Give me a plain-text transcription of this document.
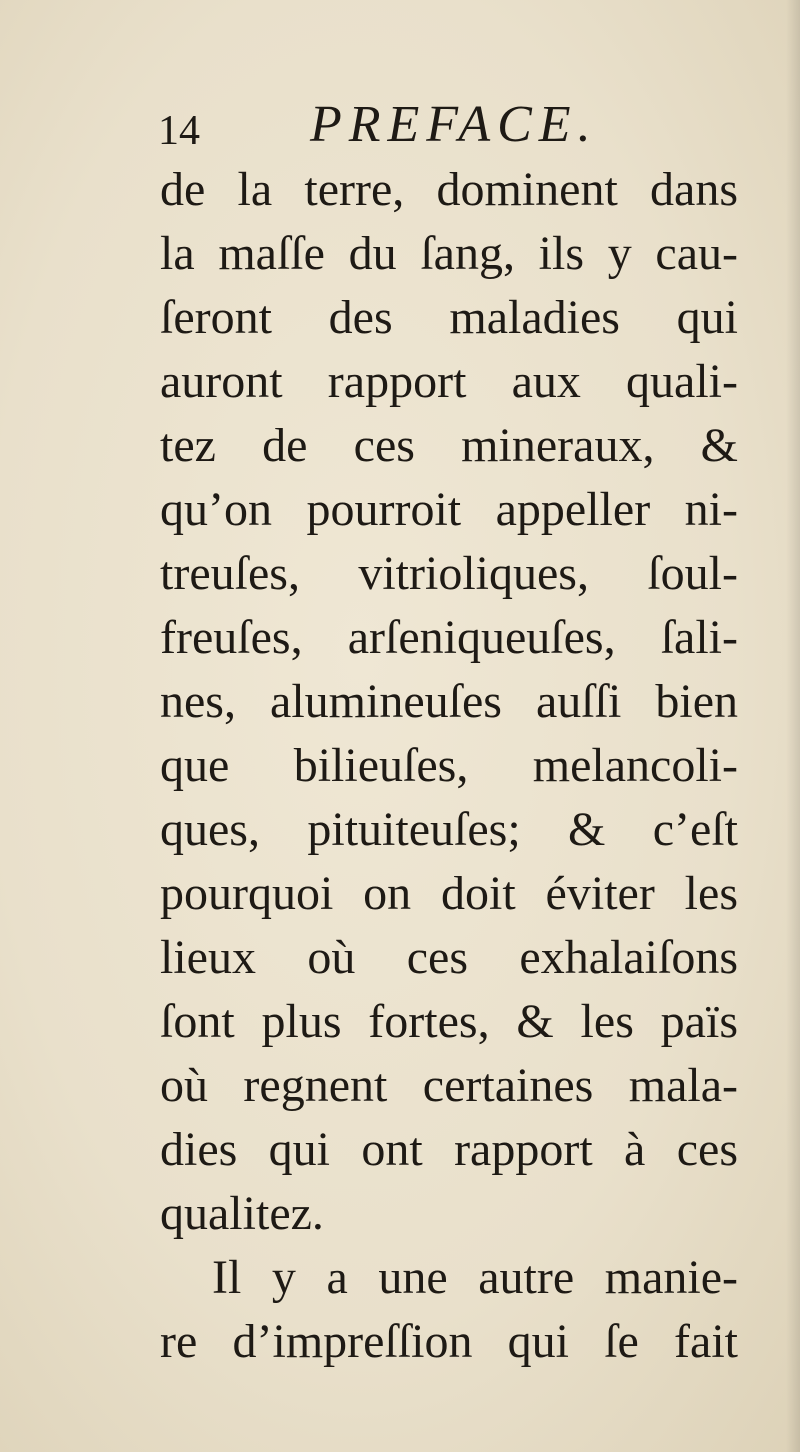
14 PREFACE.
de la terre, dominent dans
la maſſe du ſang, ils y cau-
ſeront des maladies qui
auront rapport aux quali-
tez de ces mineraux, &
qu’on pourroit appeller ni-
treuſes, vitrioliques, ſoul-
freuſes, arſeniqueuſes, ſali-
nes, alumineuſes auſſi bien
que bilieuſes, melancoli-
ques, pituiteuſes; & c’eſt
pourquoi on doit éviter les
lieux où ces exhalaiſons
ſont plus fortes, & les païs
où regnent certaines mala-
dies qui ont rapport à ces
qualitez.
Il y a une autre manie-
re d’impreſſion qui ſe fait
